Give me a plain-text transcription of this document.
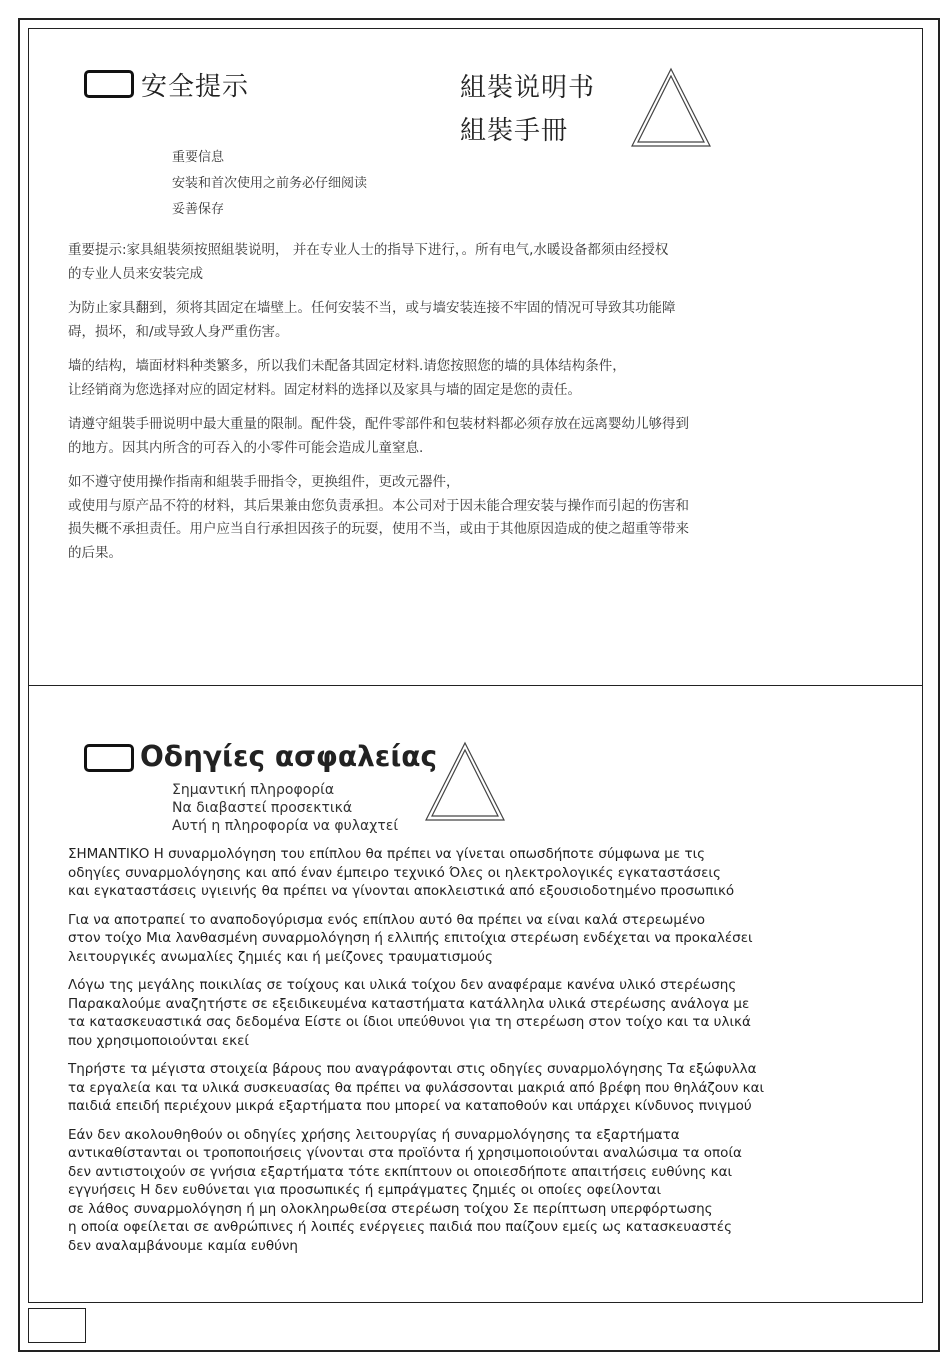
安全提示	組裝说明书
組裝手冊
重要信息
安装和首次使用之前务必仔细阅读
妥善保存

重要提示:家具組裝须按照組裝说明， 并在专业人士的指导下进行，。所有电气,水暖设备都须由经授权
的专业人员来安装完成

为防止家具翻到，须将其固定在墙壁上。任何安装不当，或与墙安装连接不牢固的情况可导致其功能障
碍，损坏，和/或导致人身严重伤害。

墙的结构，墙面材料种类繁多，所以我们未配备其固定材料.请您按照您的墙的具体结构条件，
让经销商为您选择对应的固定材料。固定材料的选择以及家具与墙的固定是您的责任。

请遵守組裝手冊说明中最大重量的限制。配件袋，配件零部件和包装材料都必须存放在远离婴幼儿够得到
的地方。因其内所含的可吞入的小零件可能会造成儿童窒息.

如不遵守使用操作指南和組裝手冊指令，更换组件，更改元器件，
或使用与原产品不符的材料，其后果兼由您负责承担。本公司对于因未能合理安装与操作而引起的伤害和
损失概不承担责任。用户应当自行承担因孩子的玩耍，使用不当，或由于其他原因造成的使之超重等带来
的后果。

Οδηγίες ασφαλείας
Σημαντική πληροφορία
Να διαβαστεί προσεκτικά
Αυτή η πληροφορία να φυλαχτεί

ΣΗΜΑΝΤΙΚΟ Η συναρμολόγηση του επίπλου θα πρέπει να γίνεται οπωσδήποτε σύμφωνα με τις
οδηγίες συναρμολόγησης και από έναν έμπειρο τεχνικό Όλες οι ηλεκτρολογικές εγκαταστάσεις
και εγκαταστάσεις υγιεινής θα πρέπει να γίνονται αποκλειστικά από εξουσιοδοτημένο προσωπικό

Για να αποτραπεί το αναποδογύρισμα ενός επίπλου αυτό θα πρέπει να είναι καλά στερεωμένο
στον τοίχο Μια λανθασμένη συναρμολόγηση ή ελλιπής επιτοίχια στερέωση ενδέχεται να προκαλέσει
λειτουργικές ανωμαλίες ζημιές και ή μείζονες τραυματισμούς

Λόγω της μεγάλης ποικιλίας σε τοίχους και υλικά τοίχου δεν αναφέραμε κανένα υλικό στερέωσης
Παρακαλούμε αναζητήστε σε εξειδικευμένα καταστήματα κατάλληλα υλικά στερέωσης ανάλογα με
τα κατασκευαστικά σας δεδομένα Είστε οι ίδιοι υπεύθυνοι για τη στερέωση στον τοίχο και τα υλικά
που χρησιμοποιούνται εκεί

Τηρήστε τα μέγιστα στοιχεία βάρους που αναγράφονται στις οδηγίες συναρμολόγησης Τα εξώφυλλα
τα εργαλεία και τα υλικά συσκευασίας θα πρέπει να φυλάσσονται μακριά από βρέφη που θηλάζουν και
παιδιά επειδή περιέχουν μικρά εξαρτήματα που μπορεί να καταποθούν και υπάρχει κίνδυνος πνιγμού

Εάν δεν ακολουθηθούν οι οδηγίες χρήσης λειτουργίας ή συναρμολόγησης τα εξαρτήματα
αντικαθίστανται οι τροποποιήσεις γίνονται στα προϊόντα ή χρησιμοποιούνται αναλώσιμα τα οποία
δεν αντιστοιχούν σε γνήσια εξαρτήματα τότε εκπίπτουν οι οποιεσδήποτε απαιτήσεις ευθύνης και
εγγυήσεις Η δεν ευθύνεται για προσωπικές ή εμπράγματες ζημιές οι οποίες οφείλονται
σε λάθος συναρμολόγηση ή μη ολοκληρωθείσα στερέωση τοίχου Σε περίπτωση υπερφόρτωσης
η οποία οφείλεται σε ανθρώπινες ή λοιπές ενέργειες παιδιά που παίζουν εμείς ως κατασκευαστές
δεν αναλαμβάνουμε καμία ευθύνη
